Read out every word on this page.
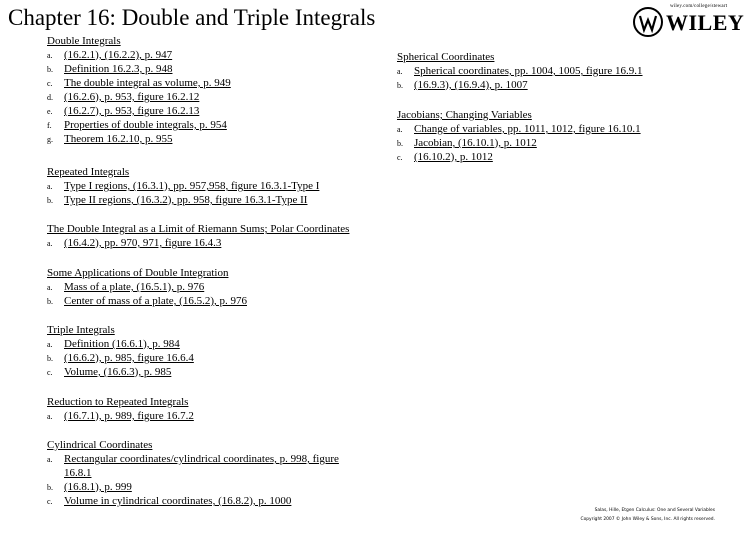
Chapter 16: Double and Triple Integrals	wiley.com/college/stewart
WILEY
Double Integrals
a. (16.2.1), (16.2.2), p. 947
b. Definition 16.2.3, p. 948
c. The double integral as volume, p. 949
d. (16.2.6), p. 953, figure 16.2.12
e. (16.2.7), p. 953, figure 16.2.13
f. Properties of double integrals, p. 954
g. Theorem 16.2.10, p. 955
Repeated Integrals
a. Type I regions, (16.3.1), pp. 957,958, figure 16.3.1-Type I
b. Type II regions, (16.3.2), pp. 958, figure 16.3.1-Type II
The Double Integral as a Limit of Riemann Sums; Polar Coordinates
a. (16.4.2), pp. 970, 971, figure 16.4.3
Some Applications of Double Integration
a. Mass of a plate, (16.5.1), p. 976
b. Center of mass of a plate, (16.5.2), p. 976
Triple Integrals
a. Definition (16.6.1), p. 984
b. (16.6.2), p. 985, figure 16.6.4
c. Volume, (16.6.3), p. 985
Reduction to Repeated Integrals
a. (16.7.1), p. 989, figure 16.7.2
Cylindrical Coordinates
a. Rectangular coordinates/cylindrical coordinates, p. 998, figure 16.8.1
b. (16.8.1), p. 999
c. Volume in cylindrical coordinates, (16.8.2), p. 1000
Spherical Coordinates
a. Spherical coordinates, pp. 1004, 1005, figure 16.9.1
b. (16.9.3), (16.9.4), p. 1007
Jacobians; Changing Variables
a. Change of variables, pp. 1011, 1012, figure 16.10.1
b. Jacobian, (16.10.1), p. 1012
c. (16.10.2), p. 1012
Salas, Hille, Etgen Calculus: One and Several Variables
Copyright 2007 © John Wiley & Sons, Inc. All rights reserved.
